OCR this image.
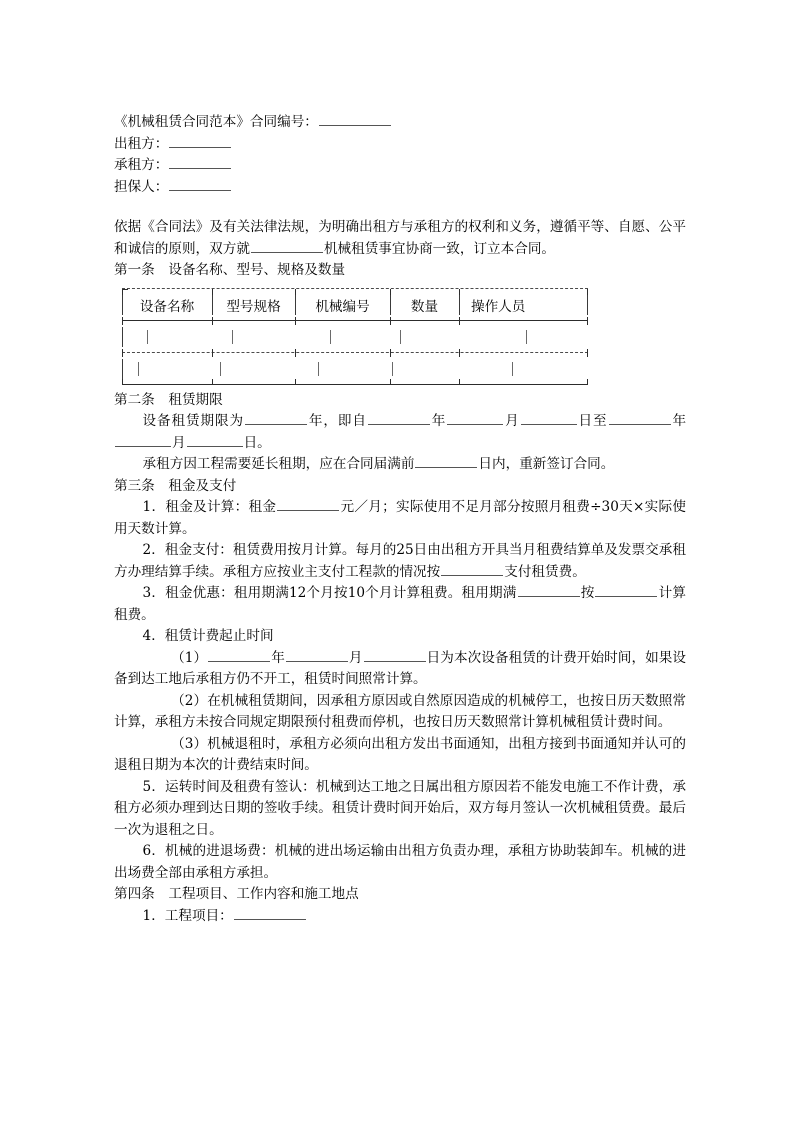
《机械租赁合同范本》合同编号：

出租方：

承租方：

担保人：

依据《合同法》及有关法律法规，为明确出租方与承租方的权利和义务，遵循平等、自愿、公平和诚信的原则，双方就	机械租赁事宜协商一致，订立本合同。

第一条　设备名称、型号、规格及数量

设备名称	型号规格	机械编号	数量	操作人员

第二条　租赁期限

设备租赁期限为	年，即自	年	月	日至	年月	日。

承租方因工程需要延长租期，应在合同届满前	日内，重新签订合同。

第三条　租金及支付

1．租金及计算：租金	元／月；实际使用不足月部分按照月租费÷30天×实际使用天数计算。

2．租金支付：租赁费用按月计算。每月的25日由出租方开具当月租费结算单及发票交承租方办理结算手续。承租方应按业主支付工程款的情况按	支付租赁费。

3．租金优惠：租用期满12个月按10个月计算租费。租用期满	按	计算租费。

4．租赁计费起止时间

（1）	年	月	日为本次设备租赁的计费开始时间，如果设备到达工地后承租方仍不开工，租赁时间照常计算。

（2）在机械租赁期间，因承租方原因或自然原因造成的机械停工，也按日历天数照常计算，承租方未按合同规定期限预付租费而停机，也按日历天数照常计算机械租赁计费时间。

（3）机械退租时，承租方必须向出租方发出书面通知，出租方接到书面通知并认可的退租日期为本次的计费结束时间。

5．运转时间及租费有签认：机械到达工地之日属出租方原因若不能发电施工不作计费，承租方必须办理到达日期的签收手续。租赁计费时间开始后，双方每月签认一次机械租赁费。最后一次为退租之日。

6．机械的进退场费：机械的进出场运输由出租方负责办理，承租方协助装卸车。机械的进出场费全部由承租方承担。

第四条　工程项目、工作内容和施工地点

1．工程项目：
